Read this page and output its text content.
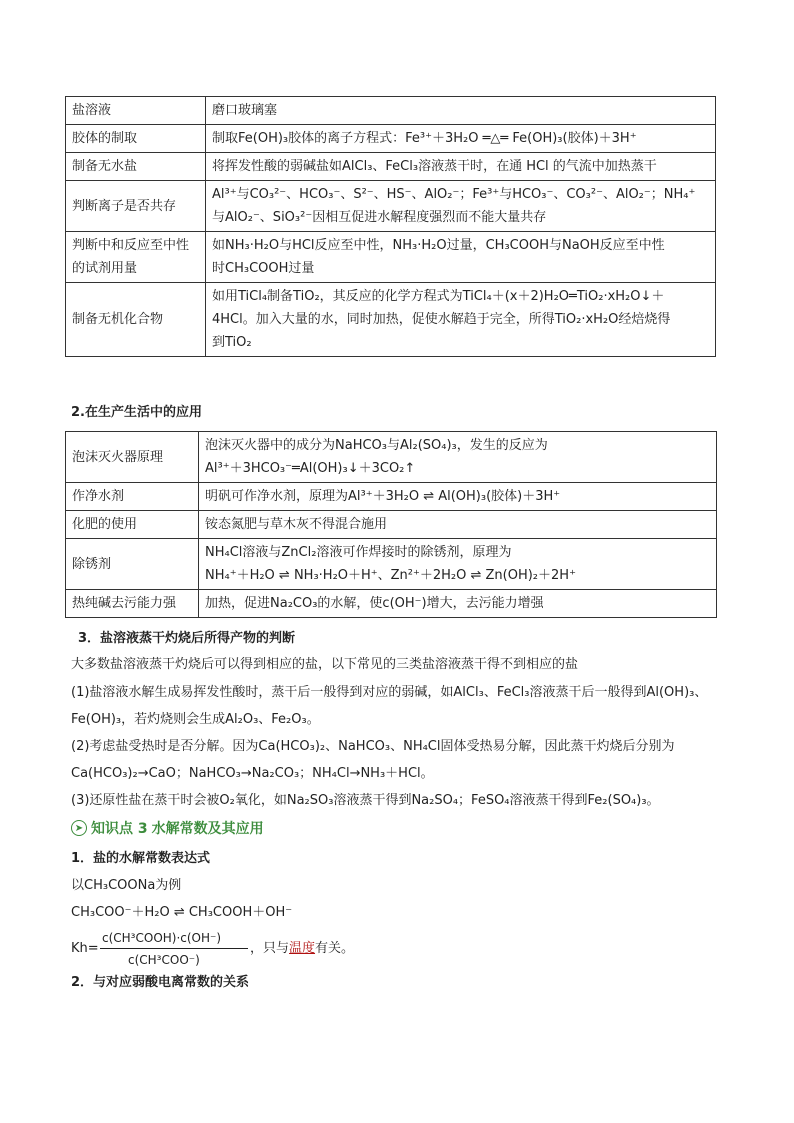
盐溶液	磨口玻璃塞
胶体的制取	制取Fe(OH)₃胶体的离子方程式：Fe³⁺＋3H₂O ═△═ Fe(OH)₃(胶体)＋3H⁺
制备无水盐	将挥发性酸的弱碱盐如AlCl₃、FeCl₃溶液蒸干时，在通 HCl 的气流中加热蒸干
判断离子是否共存	Al³⁺与CO₃²⁻、HCO₃⁻、S²⁻、HS⁻、AlO₂⁻；Fe³⁺与HCO₃⁻、CO₃²⁻、AlO₂⁻；NH₄⁺
与AlO₂⁻、SiO₃²⁻因相互促进水解程度强烈而不能大量共存

判断中和反应至中性的试剂用量	如NH₃·H₂O与HCl反应至中性，NH₃·H₂O过量，CH₃COOH与NaOH反应至中性
时CH₃COOH过量

制备无机化合物	如用TiCl₄制备TiO₂，其反应的化学方程式为TiCl₄＋(x＋2)H₂O═TiO₂·xH₂O↓＋
4HCl。加入大量的水，同时加热，促使水解趋于完全，所得TiO₂·xH₂O经焙烧得
到TiO₂
2.在生产生活中的应用
泡沫灭火器原理	泡沫灭火器中的成分为NaHCO₃与Al₂(SO₄)₃，发生的反应为
Al³⁺＋3HCO₃⁻═Al(OH)₃↓＋3CO₂↑

作净水剂	明矾可作净水剂，原理为Al³⁺＋3H₂O ⇌ Al(OH)₃(胶体)＋3H⁺
化肥的使用	铵态氮肥与草木灰不得混合施用
除锈剂	NH₄Cl溶液与ZnCl₂溶液可作焊接时的除锈剂，原理为
NH₄⁺＋H₂O ⇌ NH₃·H₂O＋H⁺、Zn²⁺＋2H₂O ⇌ Zn(OH)₂＋2H⁺

热纯碱去污能力强	加热，促进Na₂CO₃的水解，使c(OH⁻)增大，去污能力增强
3．盐溶液蒸干灼烧后所得产物的判断
大多数盐溶液蒸干灼烧后可以得到相应的盐，以下常见的三类盐溶液蒸干得不到相应的盐
(1)盐溶液水解生成易挥发性酸时，蒸干后一般得到对应的弱碱，如AlCl₃、FeCl₃溶液蒸干后一般得到Al(OH)₃、
Fe(OH)₃，若灼烧则会生成Al₂O₃、Fe₂O₃。
(2)考虑盐受热时是否分解。因为Ca(HCO₃)₂、NaHCO₃、NH₄Cl固体受热易分解，因此蒸干灼烧后分别为
Ca(HCO₃)₂→CaO；NaHCO₃→Na₂CO₃；NH₄Cl→NH₃＋HCl。
(3)还原性盐在蒸干时会被O₂氧化，如Na₂SO₃溶液蒸干得到Na₂SO₄；FeSO₄溶液蒸干得到Fe₂(SO₄)₃。
➤ 知识点 3 水解常数及其应用
1．盐的水解常数表达式
以CH₃COONa为例
CH₃COO⁻＋H₂O ⇌ CH₃COOH＋OH⁻
Kh=
c(CH³COOH)·c(OH⁻)
c(CH³COO⁻)
，只与温度有关。
2．与对应弱酸电离常数的关系
